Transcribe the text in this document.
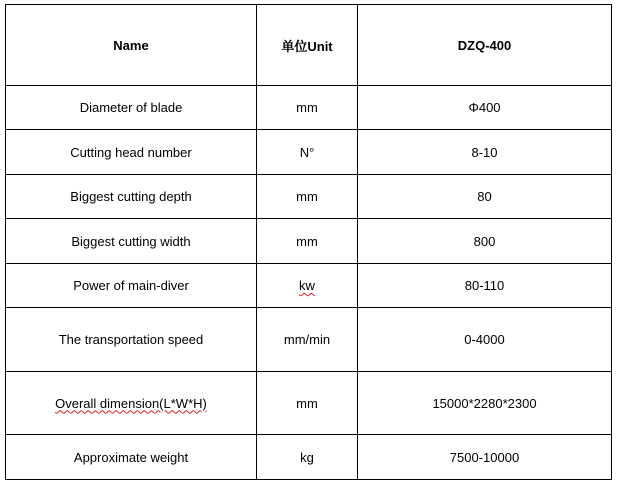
Name	单位Unit	DZQ-400
Diameter of blade	mm	Φ400
Cutting head number	N°	8-10
Biggest cutting depth	mm	80
Biggest cutting width	mm	800
Power of main-diver	kw	80-110
The transportation speed	mm/min	0-4000
Overall dimension(L*W*H)	mm	15000*2280*2300
Approximate weight	kg	7500-10000
